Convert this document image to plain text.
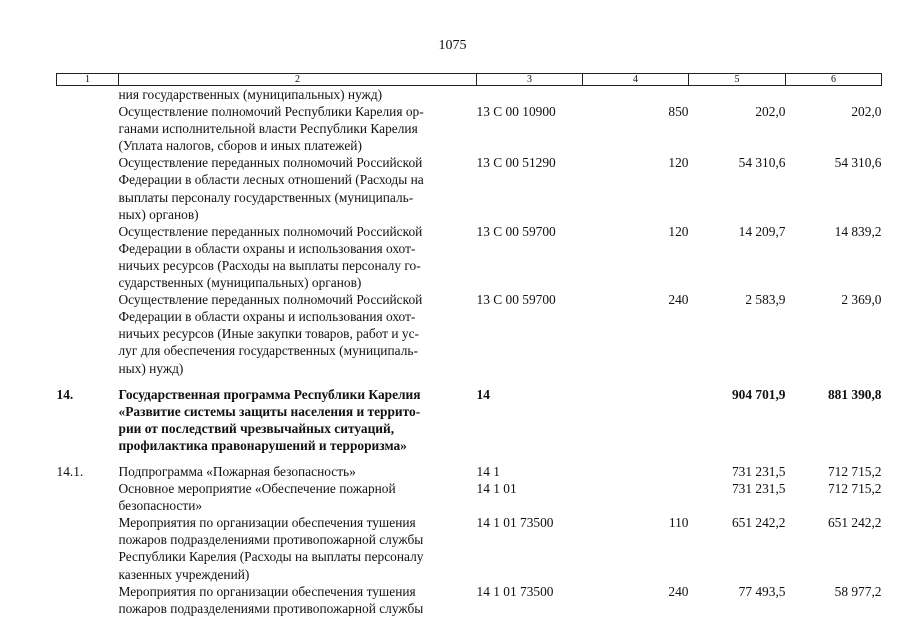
1075
1	2	3	4	5	6

	ния государственных (муниципальных) нужд)				

	Осуществление полномочий Республики Карелия ор-
ганами исполнительной власти Республики Карелия
(Уплата налогов, сборов и иных платежей)	13 С 00 10900	850	202,0	202,0

	Осуществление переданных полномочий Российской
Федерации в области лесных отношений (Расходы на
выплаты персоналу государственных (муниципаль-
ных) органов)	13 С 00 51290	120	54 310,6	54 310,6

	Осуществление переданных полномочий Российской
Федерации в области охраны и использования охот-
ничьих ресурсов (Расходы на выплаты персоналу го-
сударственных (муниципальных) органов)	13 С 00 59700	120	14 209,7	14 839,2

	Осуществление переданных полномочий Российской
Федерации в области охраны и использования охот-
ничьих ресурсов (Иные закупки товаров, работ и ус-
луг для обеспечения государственных (муниципаль-
ных) нужд)	13 С 00 59700	240	2 583,9	2 369,0
14.	Государственная программа Республики Карелия
«Развитие системы защиты населения и террито-
рии от последствий чрезвычайных ситуаций,
профилактика правонарушений и терроризма»	14		904 701,9	881 390,8
14.1.	Подпрограмма «Пожарная безопасность»	14 1		731 231,5	712 715,2

	Основное мероприятие «Обеспечение пожарной
безопасности»	14 1 01		731 231,5	712 715,2

	Мероприятия по организации обеспечения тушения
пожаров подразделениями противопожарной службы
Республики Карелия (Расходы на выплаты персоналу
казенных учреждений)	14 1 01 73500	110	651 242,2	651 242,2

	Мероприятия по организации обеспечения тушения
пожаров подразделениями противопожарной службы	14 1 01 73500	240	77 493,5	58 977,2
